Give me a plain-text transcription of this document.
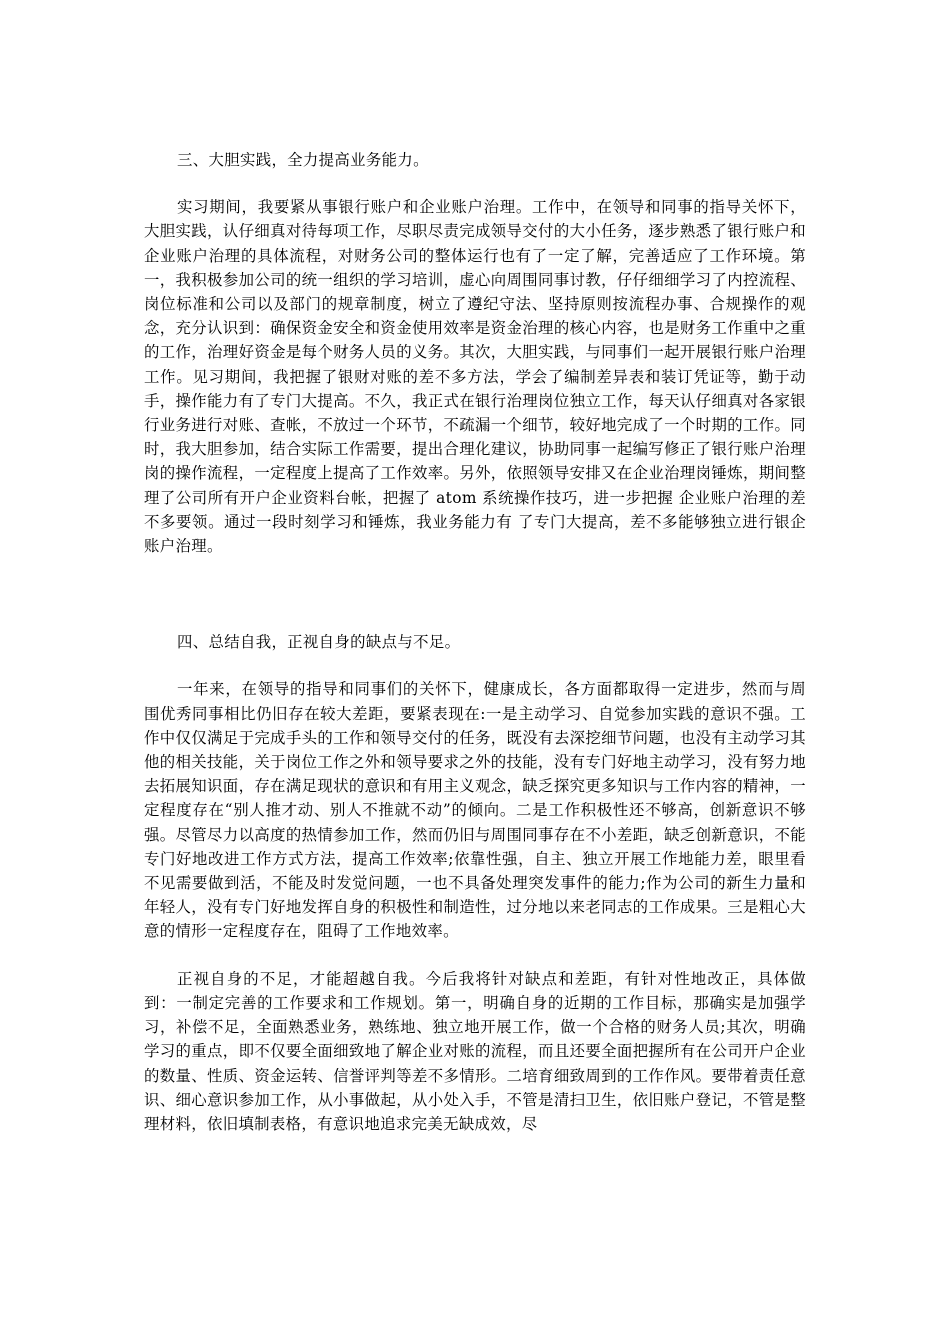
三、大胆实践，全力提高业务能力。

实习期间，我要紧从事银行账户和企业账户治理。工作中，在领导和同事的指导关怀下，大胆实践，认仔细真对待每项工作，尽职尽责完成领导交付的大小任务，逐步熟悉了银行账户和企业账户治理的具体流程，对财务公司的整体运行也有了一定了解，完善适应了工作环境。第一，我积极参加公司的统一组织的学习培训，虚心向周围同事讨教，仔仔细细学习了内控流程、岗位标准和公司以及部门的规章制度，树立了遵纪守法、坚持原则按流程办事、合规操作的观念，充分认识到：确保资金安全和资金使用效率是资金治理的核心内容，也是财务工作重中之重的工作，治理好资金是每个财务人员的义务。其次，大胆实践，与同事们一起开展银行账户治理工作。见习期间，我把握了银财对账的差不多方法，学会了编制差异表和装订凭证等，勤于动手，操作能力有了专门大提高。不久，我正式在银行治理岗位独立工作，每天认仔细真对各家银行业务进行对账、查帐，不放过一个环节，不疏漏一个细节，较好地完成了一个时期的工作。同时，我大胆参加，结合实际工作需要，提出合理化建议，协助同事一起编写修正了银行账户治理岗的操作流程，一定程度上提高了工作效率。另外，依照领导安排又在企业治理岗锤炼，期间整理了公司所有开户企业资料台帐，把握了 atom 系统操作技巧，进一步把握 企业账户治理的差不多要领。通过一段时刻学习和锤炼，我业务能力有 了专门大提高，差不多能够独立进行银企账户治理。

四、总结自我，正视自身的缺点与不足。

一年来，在领导的指导和同事们的关怀下，健康成长，各方面都取得一定进步，然而与周围优秀同事相比仍旧存在较大差距，要紧表现在:一是主动学习、自觉参加实践的意识不强。工作中仅仅满足于完成手头的工作和领导交付的任务，既没有去深挖细节问题，也没有主动学习其他的相关技能，关于岗位工作之外和领导要求之外的技能，没有专门好地主动学习，没有努力地去拓展知识面，存在满足现状的意识和有用主义观念，缺乏探究更多知识与工作内容的精神，一定程度存在“别人推才动、别人不推就不动”的倾向。二是工作积极性还不够高，创新意识不够强。尽管尽力以高度的热情参加工作，然而仍旧与周围同事存在不小差距，缺乏创新意识，不能专门好地改进工作方式方法，提高工作效率;依靠性强，自主、独立开展工作地能力差，眼里看不见需要做到活，不能及时发觉问题，一也不具备处理突发事件的能力;作为公司的新生力量和年轻人，没有专门好地发挥自身的积极性和制造性，过分地以来老同志的工作成果。三是粗心大意的情形一定程度存在，阻碍了工作地效率。

正视自身的不足，才能超越自我。今后我将针对缺点和差距，有针对性地改正，具体做到：一制定完善的工作要求和工作规划。第一，明确自身的近期的工作目标，那确实是加强学习，补偿不足，全面熟悉业务，熟练地、独立地开展工作，做一个合格的财务人员;其次，明确学习的重点，即不仅要全面细致地了解企业对账的流程，而且还要全面把握所有在公司开户企业的数量、性质、资金运转、信誉评判等差不多情形。二培育细致周到的工作作风。要带着责任意识、细心意识参加工作，从小事做起，从小处入手，不管是清扫卫生，依旧账户登记，不管是整理材料，依旧填制表格，有意识地追求完美无缺成效，尽
